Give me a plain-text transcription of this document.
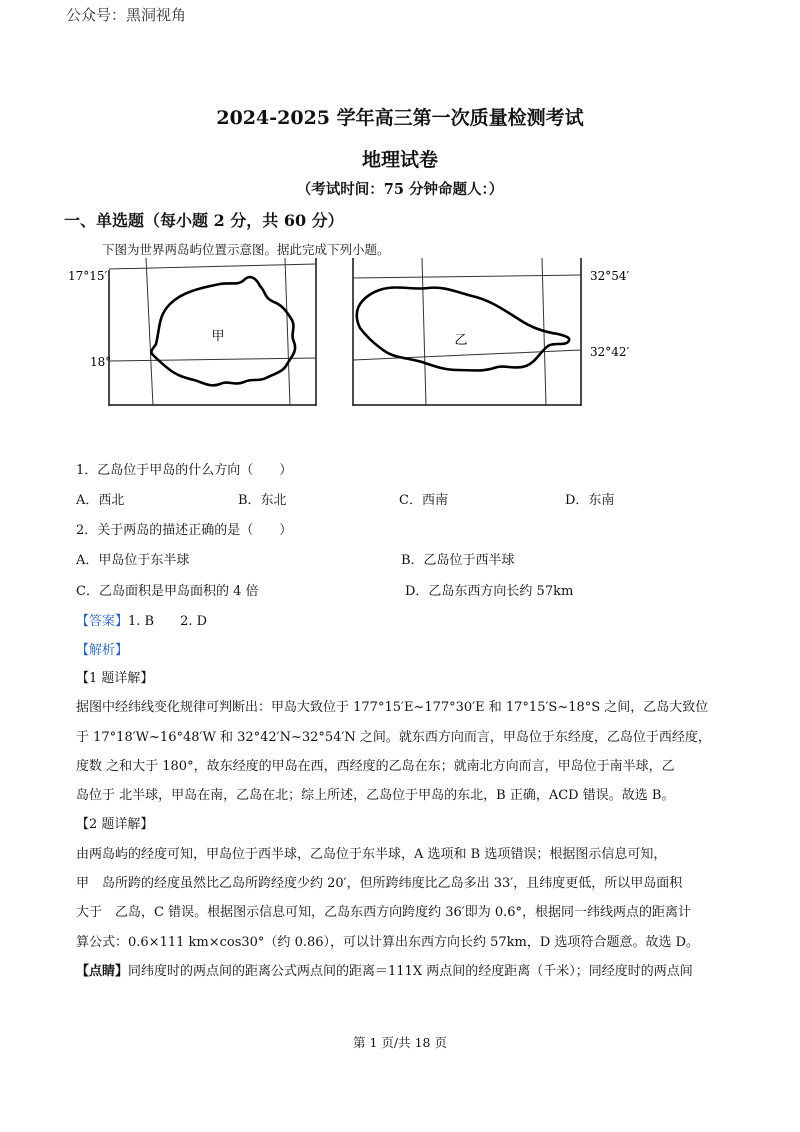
公众号：黑洞视角
2024-2025 学年高三第一次质量检测考试
地理试卷
（考试时间：75 分钟命题人：）
一、单选题（每小题 2 分，共 60 分）
下图为世界两岛屿位置示意图。据此完成下列小题。
17°15′
18°
甲
32°54′
32°42′
乙
1．乙岛位于甲岛的什么方向（　　）
A．西北	B．东北	C．西南	D．东南
2．关于两岛的描述正确的是（　　）
A．甲岛位于东半球	B．乙岛位于西半球
C．乙岛面积是甲岛面积的 4 倍	D．乙岛东西方向长约 57km
【答案】1. B　　2. D
【解析】
【1 题详解】
据图中经纬线变化规律可判断出：甲岛大致位于 177°15′E~177°30′E 和 17°15′S~18°S 之间，乙岛大致位
于 17°18′W~16°48′W 和 32°42′N~32°54′N 之间。就东西方向而言，甲岛位于东经度，乙岛位于西经度，
度数 之和大于 180°，故东经度的甲岛在西，西经度的乙岛在东；就南北方向而言，甲岛位于南半球，乙
岛位于 北半球，甲岛在南，乙岛在北；综上所述，乙岛位于甲岛的东北，B 正确，ACD 错误。故选 B。
【2 题详解】
由两岛屿的经度可知，甲岛位于西半球，乙岛位于东半球，A 选项和 B 选项错误；根据图示信息可知，
甲　岛所跨的经度虽然比乙岛所跨经度少约 20′，但所跨纬度比乙岛多出 33′，且纬度更低，所以甲岛面积
大于　乙岛，C 错误。根据图示信息可知，乙岛东西方向跨度约 36′即为 0.6°，根据同一纬线两点的距离计
算公式：0.6×111 km×cos30°（约 0.86），可以计算出东西方向长约 57km，D 选项符合题意。故选 D。
【点睛】同纬度时的两点间的距离公式两点间的距离＝111X 两点间的经度距离（千米）；同经度时的两点间
第 1 页/共 18 页
